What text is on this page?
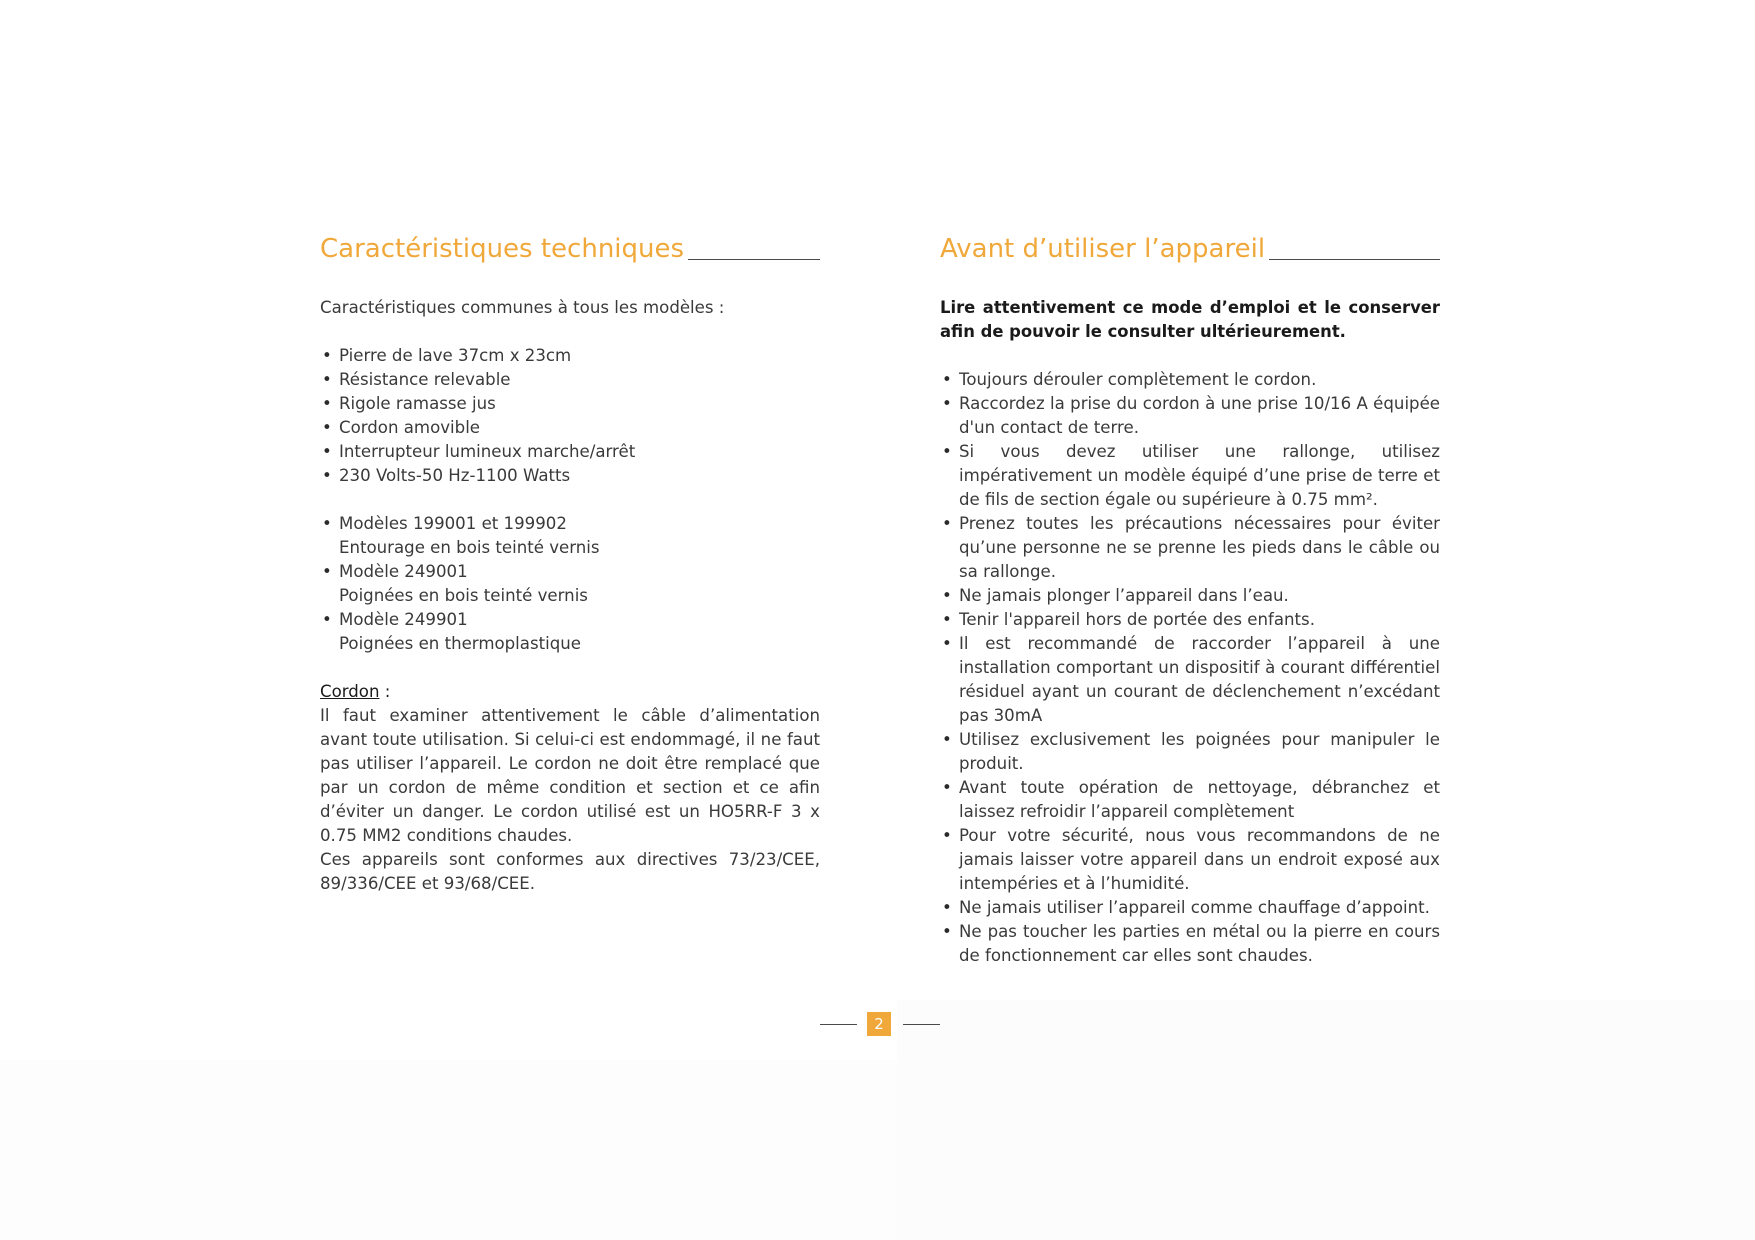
Caractéristiques techniques
Caractéristiques communes à tous les modèles :
• Pierre de lave 37cm x 23cm
• Résistance relevable
• Rigole ramasse jus
• Cordon amovible
• Interrupteur lumineux marche/arrêt
• 230 Volts-50 Hz-1100 Watts
• Modèles 199001 et 199902
Entourage en bois teinté vernis
• Modèle 249001
Poignées en bois teinté vernis
• Modèle 249901
Poignées en thermoplastique
Cordon :
Il faut examiner attentivement le câble d’alimentation avant toute utilisation. Si celui-ci est endommagé, il ne faut pas utiliser l’appareil. Le cordon ne doit être remplacé que par un cordon de même condition et section et ce afin d’éviter un danger. Le cordon utilisé est un HO5RR-F 3 x 0.75 MM2 conditions chaudes.
Ces appareils sont conformes aux directives 73/23/CEE, 89/336/CEE et 93/68/CEE.
Avant d’utiliser l’appareil
Lire attentivement ce mode d’emploi et le conserver afin de pouvoir le consulter ultérieurement.
• Toujours dérouler complètement le cordon.
• Raccordez la prise du cordon à une prise 10/16 A équipée d'un contact de terre.
• Si vous devez utiliser une rallonge, utilisez impérativement un modèle équipé d’une prise de terre et de fils de section égale ou supérieure à 0.75 mm².
• Prenez toutes les précautions nécessaires pour éviter qu’une personne ne se prenne les pieds dans le câble ou sa rallonge.
• Ne jamais plonger l’appareil dans l’eau.
• Tenir l'appareil hors de portée des enfants.
• Il est recommandé de raccorder l’appareil à une installation comportant un dispositif à courant différentiel résiduel ayant un courant de déclenchement n’excédant pas 30mA
• Utilisez exclusivement les poignées pour manipuler le produit.
• Avant toute opération de nettoyage, débranchez et laissez refroidir l’appareil complètement
• Pour votre sécurité, nous vous recommandons de ne jamais laisser votre appareil dans un endroit exposé aux intempéries et à l’humidité.
• Ne jamais utiliser l’appareil comme chauffage d’appoint.
• Ne pas toucher les parties en métal ou la pierre en cours de fonctionnement car elles sont chaudes.
2
